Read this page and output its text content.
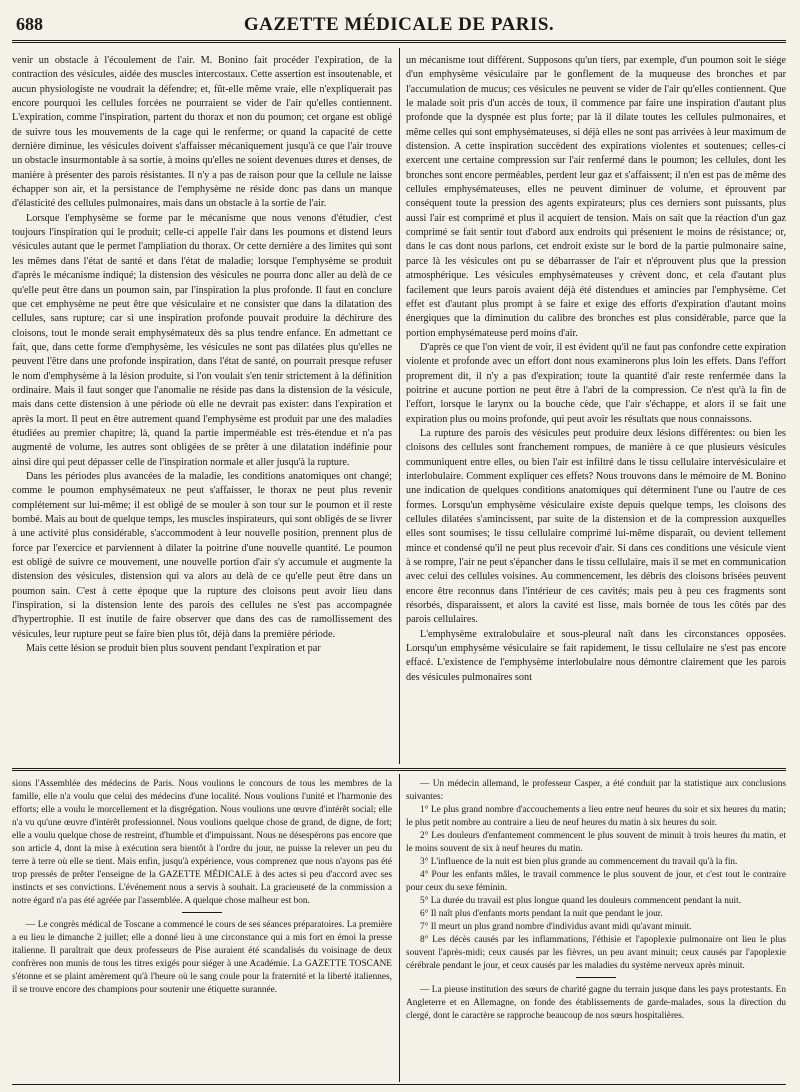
688	GAZETTE MÉDICALE DE PARIS.

venir un obstacle à l'écoulement de l'air. M. Bonino fait procéder l'expiration, de la contraction des vésicules, aidée des muscles intercostaux. Cette assertion est insoutenable, et aucun physiologiste ne voudrait la défendre; et, fût-elle même vraie, elle n'expliquerait pas encore pourquoi les cellules forcées ne pourraient se vider de l'air qu'elles contiennent. L'expiration, comme l'inspiration, partent du thorax et non du poumon; cet organe est obligé de suivre tous les mouvements de la cage qui le renferme; or quand la capacité de cette dernière diminue, les vésicules doivent s'affaisser mécaniquement jusqu'à ce que l'air trouve un obstacle insurmontable à sa sortie, à moins qu'elles ne soient devenues dures et denses, de manière à présenter des parois résistantes. Il n'y a pas de raison pour que la cellule ne laisse échapper son air, et la persistance de l'emphysème ne réside donc pas dans un manque d'élasticité des cellules pulmonaires, mais dans un obstacle à la sortie de l'air.

Lorsque l'emphysème se forme par le mécanisme que nous venons d'étudier, c'est toujours l'inspiration qui le produit; celle-ci appelle l'air dans les poumons et distend leurs vésicules autant que le permet l'ampliation du thorax. Or cette dernière a des limites qui sont les mêmes dans l'état de santé et dans l'état de maladie; lorsque l'emphysème se produit d'après le mécanisme indiqué; la distension des vésicules ne pourra donc aller au delà de ce qu'elle peut être dans un poumon sain, par l'inspiration la plus profonde. Il faut en conclure que cet emphysème ne peut être que vésiculaire et ne consister que dans la dilatation des cellules, sans rupture; car si une inspiration profonde pouvait produire la déchirure des cloisons, tout le monde serait emphysémateux dès sa plus tendre enfance. En admettant ce fait, que, dans cette forme d'emphysème, les vésicules ne sont pas dilatées plus qu'elles ne peuvent l'être dans une profonde inspiration, dans l'état de santé, on pourrait presque refuser le nom d'emphysème à la lésion produite, si l'on voulait s'en tenir strictement à la définition ordinaire. Mais il faut songer que l'anomalie ne réside pas dans la distension de la vésicule, mais dans cette distension à une période où elle ne devrait pas exister: dans l'expiration et après la mort. Il peut en être autrement quand l'emphysème est produit par une des maladies étudiées au premier chapitre; là, quand la partie imperméable est très-étendue et n'a pas augmenté de volume, les autres sont obligées de se prêter à une dilatation indéfinie pour ainsi dire qui peut dépasser celle de l'inspiration normale et aller jusqu'à la rupture.

Dans les périodes plus avancées de la maladie, les conditions anatomiques ont changé; comme le poumon emphysémateux ne peut s'affaisser, le thorax ne peut plus revenir complétement sur lui-même; il est obligé de se mouler à son tour sur le poumon et il reste bombé. Mais au bout de quelque temps, les muscles inspirateurs, qui sont obligés de se livrer à une activité plus considérable, s'accommodent à leur nouvelle position, prennent plus de force par l'exercice et parviennent à dilater la poitrine d'une nouvelle quantité. Le poumon est obligé de suivre ce mouvement, une nouvelle portion d'air s'y accumule et augmente la distension des vésicules, distension qui va alors au delà de ce qu'elle peut être dans un poumon sain. C'est à cette époque que la rupture des cloisons peut avoir lieu dans l'inspiration, si la distension lente des parois des cellules ne s'est pas accompagnée d'hypertrophie. Il est inutile de faire observer que dans des cas de ramollissement des vésicules, leur rupture peut se faire bien plus tôt, déjà dans la première période.

Mais cette lésion se produit bien plus souvent pendant l'expiration et par

un mécanisme tout différent. Supposons qu'un tiers, par exemple, d'un poumon soit le siége d'un emphysème vésiculaire par le gonflement de la muqueuse des bronches et par l'accumulation de mucus; ces vésicules ne peuvent se vider de l'air qu'elles contiennent. Que le malade soit pris d'un accès de toux, il commence par faire une inspiration d'autant plus profonde que la dyspnée est plus forte; par là il dilate toutes les cellules pulmonaires, et même celles qui sont emphysémateuses, si déjà elles ne sont pas arrivées à leur maximum de distension. A cette inspiration succèdent des expirations violentes et soutenues; celles-ci exercent une certaine compression sur l'air renfermé dans le poumon; les cellules, dont les bronches sont encore perméables, perdent leur gaz et s'affaissent; il n'en est pas de même des cellules emphysémateuses, elles ne peuvent diminuer de volume, et éprouvent par conséquent toute la pression des agents expirateurs; plus ces derniers sont puissants, plus aussi l'air est comprimé et plus il acquiert de tension. Mais on sait que la réaction d'un gaz comprimé se fait sentir tout d'abord aux endroits qui présentent le moins de résistance; or, dans le cas dont nous parlons, cet endroit existe sur le bord de la partie pulmonaire saine, parce là les vésicules ont pu se débarrasser de l'air et n'éprouvent plus que la pression atmosphérique. Les vésicules emphysémateuses y crèvent donc, et cela d'autant plus facilement que leurs parois avaient déjà été distendues et amincies par l'emphysème. Cet effet est d'autant plus prompt à se faire et exige des efforts d'expiration d'autant moins énergiques que la diminution du calibre des bronches est plus considérable, parce que la portion emphysémateuse perd moins d'air.

D'après ce que l'on vient de voir, il est évident qu'il ne faut pas confondre cette expiration violente et profonde avec un effort dont nous examinerons plus loin les effets. Dans l'effort proprement dit, il n'y a pas d'expiration; toute la quantité d'air reste renfermée dans la poitrine et aucune portion ne peut être à l'abri de la compression. Ce n'est qu'à la fin de l'effort, lorsque le larynx ou la bouche cède, que l'air s'échappe, et alors il se fait une expiration plus ou moins profonde, qui peut avoir les résultats que nous connaissons.

La rupture des parois des vésicules peut produire deux lésions différentes: ou bien les cloisons des cellules sont franchement rompues, de manière à ce que plusieurs vésicules communiquent entre elles, ou bien l'air est infiltré dans le tissu cellulaire intervésiculaire et interlobulaire. Comment expliquer ces effets? Nous trouvons dans le mémoire de M. Bonino une indication de quelques conditions anatomiques qui déterminent l'une ou l'autre de ces formes. Lorsqu'un emphysème vésiculaire existe depuis quelque temps, les cloisons des cellules dilatées s'amincissent, par suite de la distension et de la compression auxquelles elles sont soumises; le tissu cellulaire comprimé lui-même disparaît, ou devient tellement mince et condensé qu'il ne peut plus recevoir d'air. Si dans ces conditions une vésicule vient à se rompre, l'air ne peut s'épancher dans le tissu cellulaire, mais il se met en communication avec celui des cellules voisines. Au commencement, les débris des cloisons brisées peuvent encore être reconnus dans l'intérieur de ces cavités; mais peu à peu ces fragments sont résorbés, disparaissent, et alors la cavité est lisse, mais bornée de tous les côtés par des parois cellulaires.

L'emphysème extralobulaire et sous-pleural naît dans les circonstances opposées. Lorsqu'un emphysème vésiculaire se fait rapidement, le tissu cellulaire ne s'est pas encore effacé. L'existence de l'emphysème interlobulaire nous démontre clairement que les parois des vésicules pulmonaires sont

sions l'Assemblée des médecins de Paris. Nous voulions le concours de tous les membres de la famille, elle n'a voulu que celui des médecins d'une localité. Nous voulions l'unité et l'harmonie des efforts; elle a voulu le morcellement et la disgrégation. Nous voulions une œuvre d'intérêt social; elle n'a vu qu'une œuvre d'intérêt professionnel. Nous voulions quelque chose de grand, de digne, de fort; elle a voulu quelque chose de restreint, d'humble et d'impuissant. Nous ne désespérons pas encore que son article 4, dont la mise à exécution sera bientôt à l'ordre du jour, ne puisse la relever un peu du terre à terre où elle se tient. Mais enfin, jusqu'à expérience, vous comprenez que nous n'ayons pas été trop pressés de prêter l'enseigne de la GAZETTE MÉDICALE à des actes si peu d'accord avec ses instincts et ses convictions. L'événement nous a servis à souhait. La gracieuseté de la commission a notre égard n'a pas été agréée par l'assemblée. A quelque chose malheur est bon.

— Le congrès médical de Toscane a commencé le cours de ses séances préparatoires. La première a eu lieu le dimanche 2 juillet; elle a donné lieu à une circonstance qui a mis fort en émoi la presse italienne. Il paraîtrait que deux professeurs de Pise auraient été scandalisés du voisinage de deux confrères non munis de tous les titres exigés pour siéger à une Académie. La GAZETTE TOSCANE s'étonne et se plaint amèrement qu'à l'heure où le sang coule pour la fraternité et la liberté italiennes, il se trouve encore des champions pour soutenir une étiquette surannée.

— Un médecin allemand, le professeur Casper, a été conduit par la statistique aux conclusions suivantes:

1° Le plus grand nombre d'accouchements a lieu entre neuf heures du soir et six heures du matin; le plus petit nombre au contraire a lieu de neuf heures du matin à six heures du soir.

2° Les douleurs d'enfantement commencent le plus souvent de minuit à trois heures du matin, et le moins souvent de six à neuf heures du matin.

3° L'influence de la nuit est bien plus grande au commencement du travail qu'à la fin.

4° Pour les enfants mâles, le travail commence le plus souvent de jour, et c'est tout le contraire pour ceux du sexe féminin.

5° La durée du travail est plus longue quand les douleurs commencent pendant la nuit.

6° Il naît plus d'enfants morts pendant la nuit que pendant le jour.

7° Il meurt un plus grand nombre d'individus avant midi qu'avant minuit.

8° Les décès causés par les inflammations, l'éthisie et l'apoplexie pulmonaire ont lieu le plus souvent l'après-midi; ceux causés par les fièvres, un peu avant minuit; ceux causés par l'apoplexie cérébrale pendant le jour, et ceux causés par les maladies du système nerveux après minuit.

— La pieuse institution des sœurs de charité gagne du terrain jusque dans les pays protestants. En Angleterre et en Allemagne, on fonde des établissements de garde-malades, sous la direction du clergé, dont le caractère se rapproche beaucoup de nos sœurs hospitalières.
